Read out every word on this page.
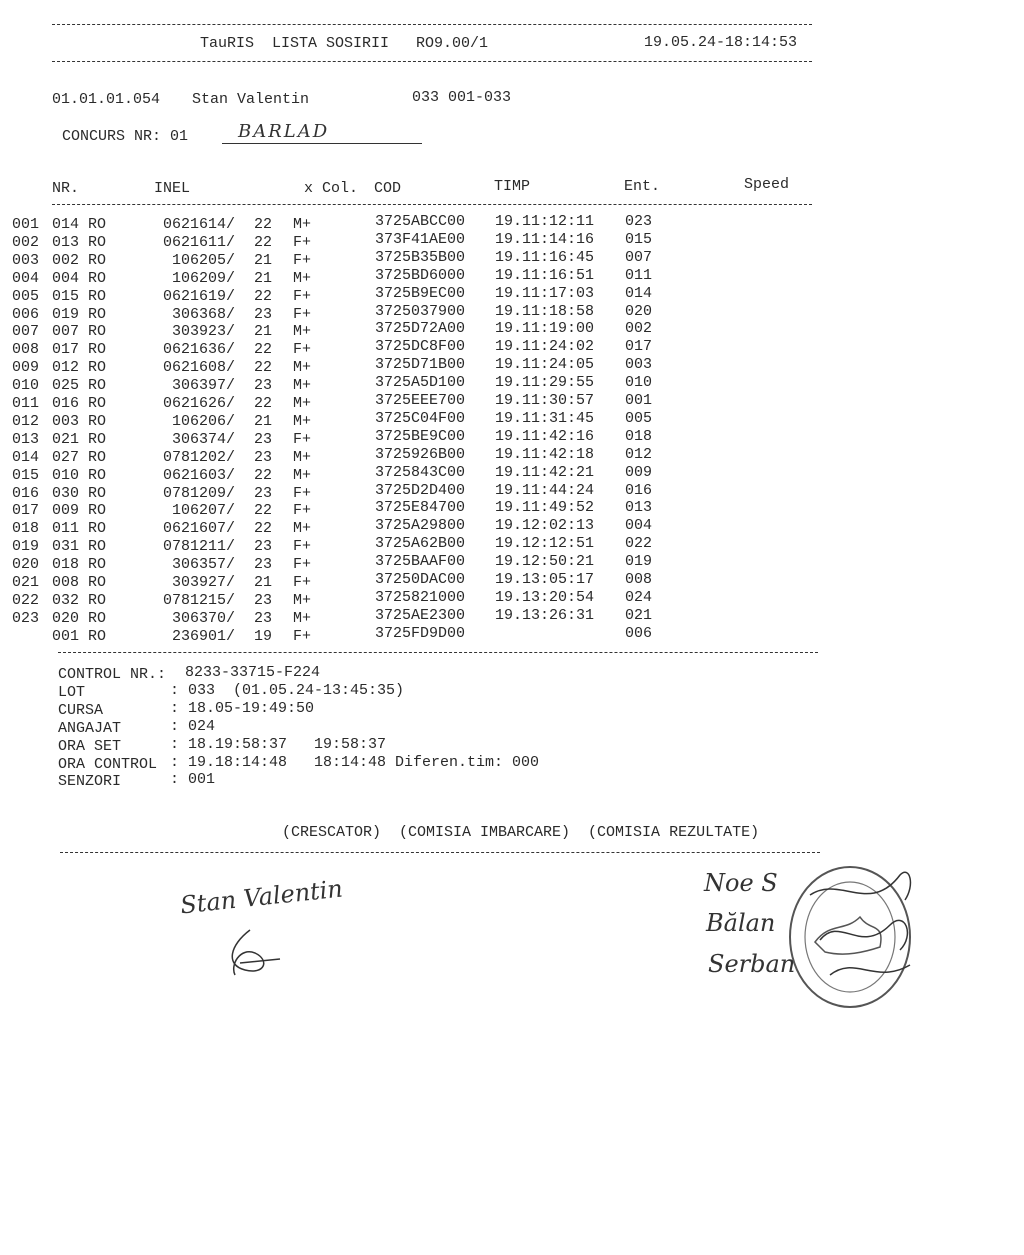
TauRIS  LISTA SOSIRII   RO9.00/1	19.05.24-18:14:53
01.01.01.054 Stan Valentin	033 001-033
CONCURS NR: 01	BARLAD
NR.	INEL	x Col. COD	TIMP	Ent.	Speed
001 014 RO	0621614/ 22 M+	3725ABCC00 19.11:12:11 023
002 013 RO	0621611/ 22 F+	373F41AE00 19.11:14:16 015
003 002 RO	106205/ 21 F+	3725B35B00 19.11:16:45 007
004 004 RO	106209/ 21 M+	3725BD6000 19.11:16:51 011
005 015 RO	0621619/ 22 F+	3725B9EC00 19.11:17:03 014
006 019 RO	306368/ 23 F+	3725037900 19.11:18:58 020
007 007 RO	303923/ 21 M+	3725D72A00 19.11:19:00 002
008 017 RO	0621636/ 22 F+	3725DC8F00 19.11:24:02 017
009 012 RO	0621608/ 22 M+	3725D71B00 19.11:24:05 003
010 025 RO	306397/ 23 M+	3725A5D100 19.11:29:55 010
011 016 RO	0621626/ 22 M+	3725EEE700 19.11:30:57 001
012 003 RO	106206/ 21 M+	3725C04F00 19.11:31:45 005
013 021 RO	306374/ 23 F+	3725BE9C00 19.11:42:16 018
014 027 RO	0781202/ 23 M+	3725926B00 19.11:42:18 012
015 010 RO	0621603/ 22 M+	3725843C00 19.11:42:21 009
016 030 RO	0781209/ 23 F+	3725D2D400 19.11:44:24 016
017 009 RO	106207/ 22 F+	3725E84700 19.11:49:52 013
018 011 RO	0621607/ 22 M+	3725A29800 19.12:02:13 004
019 031 RO	0781211/ 23 F+	3725A62B00 19.12:12:51 022
020 018 RO	306357/ 23 F+	3725BAAF00 19.12:50:21 019
021 008 RO	303927/ 21 F+	37250DAC00 19.13:05:17 008
022 032 RO	0781215/ 23 M+	3725821000 19.13:20:54 024
023 020 RO	306370/ 23 M+	3725AE2300 19.13:26:31 021
001 RO	236901/ 19 F+	3725FD9D00	006
CONTROL NR.: 8233-33715-F224
LOT	: 033  (01.05.24-13:45:35)
CURSA	: 18.05-19:49:50
ANGAJAT	: 024
ORA SET	: 18.19:58:37   19:58:37
ORA CONTROL : 19.18:14:48   18:14:48 Diferen.tim: 000
SENZORI	: 001
(CRESCATOR)  (COMISIA IMBARCARE)  (COMISIA REZULTATE)
Stan Valentin	Noe S
Bălan
Serban
